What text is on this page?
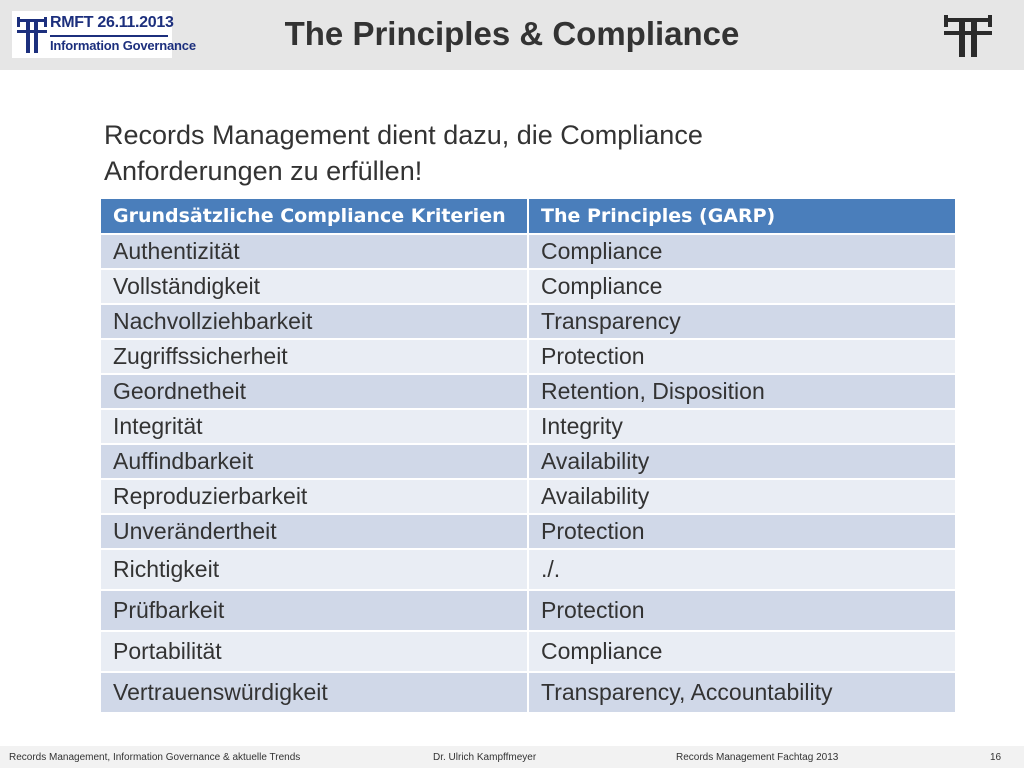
RMFT 26.11.2013
Information Governance	The Principles & Compliance
Records Management dient dazu, die Compliance Anforderungen zu erfüllen!
Grundsätzliche Compliance Kriterien	The Principles (GARP)
Authentizität	Compliance
Vollständigkeit	Compliance
Nachvollziehbarkeit	Transparency
Zugriffssicherheit	Protection
Geordnetheit	Retention, Disposition
Integrität	Integrity
Auffindbarkeit	Availability
Reproduzierbarkeit	Availability
Unverändertheit	Protection
Richtigkeit	./.
Prüfbarkeit	Protection
Portabilität	Compliance
Vertrauenswürdigkeit	Transparency, Accountability
Records Management, Information Governance & aktuelle Trends	Dr. Ulrich Kampffmeyer	Records Management Fachtag 2013	16
